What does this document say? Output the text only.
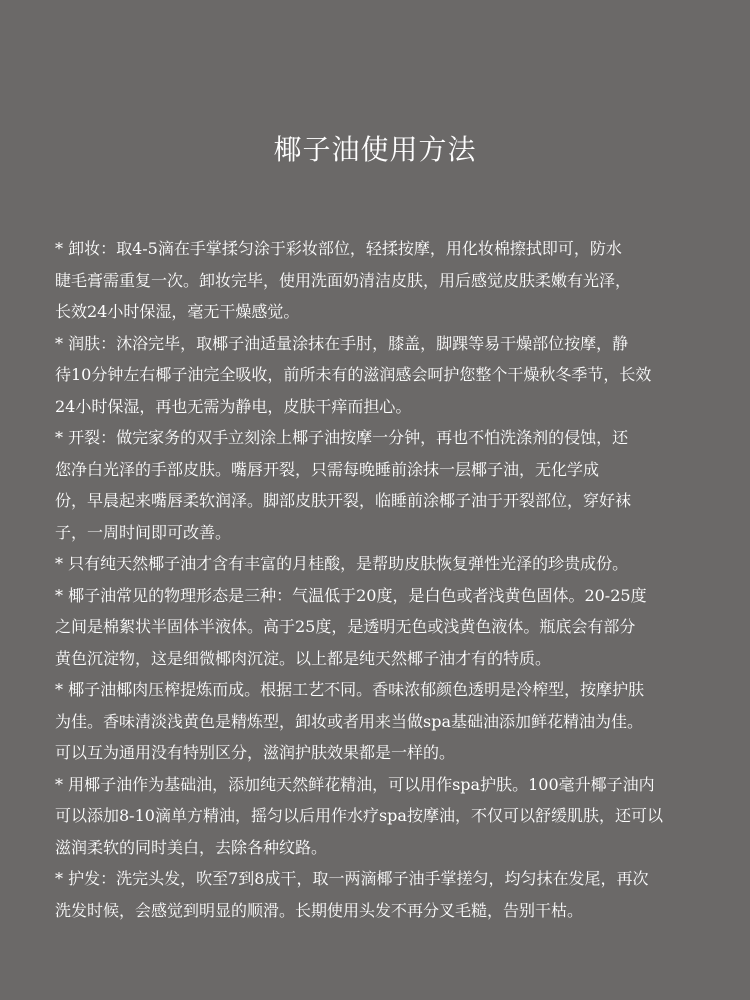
椰子油使用方法
* 卸妆：取4-5滴在手掌揉匀涂于彩妆部位，轻揉按摩，用化妆棉擦拭即可，防水
睫毛膏需重复一次。卸妆完毕，使用洗面奶清洁皮肤，用后感觉皮肤柔嫩有光泽，
长效24小时保湿，毫无干燥感觉。
* 润肤：沐浴完毕，取椰子油适量涂抹在手肘，膝盖，脚踝等易干燥部位按摩，静
待10分钟左右椰子油完全吸收，前所未有的滋润感会呵护您整个干燥秋冬季节，长效
24小时保湿，再也无需为静电，皮肤干痒而担心。
* 开裂：做完家务的双手立刻涂上椰子油按摩一分钟，再也不怕洗涤剂的侵蚀，还
您净白光泽的手部皮肤。嘴唇开裂，只需每晚睡前涂抹一层椰子油，无化学成
份，早晨起来嘴唇柔软润泽。脚部皮肤开裂，临睡前涂椰子油于开裂部位，穿好袜
子，一周时间即可改善。
* 只有纯天然椰子油才含有丰富的月桂酸，是帮助皮肤恢复弹性光泽的珍贵成份。
* 椰子油常见的物理形态是三种：气温低于20度，是白色或者浅黄色固体。20-25度
之间是棉絮状半固体半液体。高于25度，是透明无色或浅黄色液体。瓶底会有部分
黄色沉淀物，这是细微椰肉沉淀。以上都是纯天然椰子油才有的特质。
* 椰子油椰肉压榨提炼而成。根据工艺不同。香味浓郁颜色透明是冷榨型，按摩护肤
为佳。香味清淡浅黄色是精炼型，卸妆或者用来当做spa基础油添加鲜花精油为佳。
可以互为通用没有特别区分，滋润护肤效果都是一样的。
* 用椰子油作为基础油，添加纯天然鲜花精油，可以用作spa护肤。100毫升椰子油内
可以添加8-10滴单方精油，摇匀以后用作水疗spa按摩油，不仅可以舒缓肌肤，还可以
滋润柔软的同时美白，去除各种纹路。
* 护发：洗完头发，吹至7到8成干，取一两滴椰子油手掌搓匀，均匀抹在发尾，再次
洗发时候，会感觉到明显的顺滑。长期使用头发不再分叉毛糙，告别干枯。
